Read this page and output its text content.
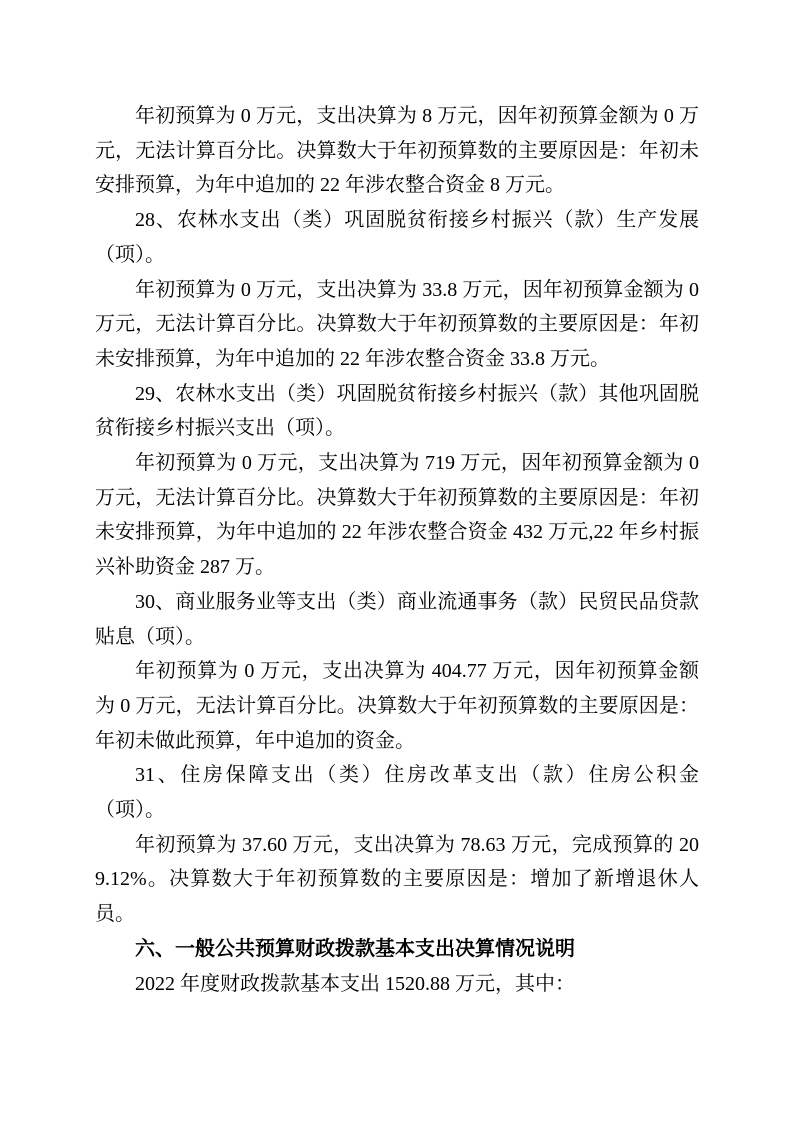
年初预算为 0 万元，支出决算为 8 万元，因年初预算金额为 0 万元，无法计算百分比。决算数大于年初预算数的主要原因是：年初未安排预算，为年中追加的 22 年涉农整合资金 8 万元。

28、农林水支出（类）巩固脱贫衔接乡村振兴（款）生产发展（项）。

年初预算为 0 万元，支出决算为 33.8 万元，因年初预算金额为 0 万元，无法计算百分比。决算数大于年初预算数的主要原因是：年初未安排预算，为年中追加的 22 年涉农整合资金 33.8 万元。

29、农林水支出（类）巩固脱贫衔接乡村振兴（款）其他巩固脱贫衔接乡村振兴支出（项）。

年初预算为 0 万元，支出决算为 719 万元，因年初预算金额为 0 万元，无法计算百分比。决算数大于年初预算数的主要原因是：年初未安排预算，为年中追加的 22 年涉农整合资金 432 万元,22 年乡村振兴补助资金 287 万。

30、商业服务业等支出（类）商业流通事务（款）民贸民品贷款贴息（项）。

年初预算为 0 万元，支出决算为 404.77 万元，因年初预算金额为 0 万元，无法计算百分比。决算数大于年初预算数的主要原因是：年初未做此预算，年中追加的资金。

31、住房保障支出（类）住房改革支出（款）住房公积金（项）。

年初预算为 37.60 万元，支出决算为 78.63 万元，完成预算的 209.12%。决算数大于年初预算数的主要原因是：增加了新增退休人员。

六、一般公共预算财政拨款基本支出决算情况说明

2022 年度财政拨款基本支出 1520.88 万元，其中：
